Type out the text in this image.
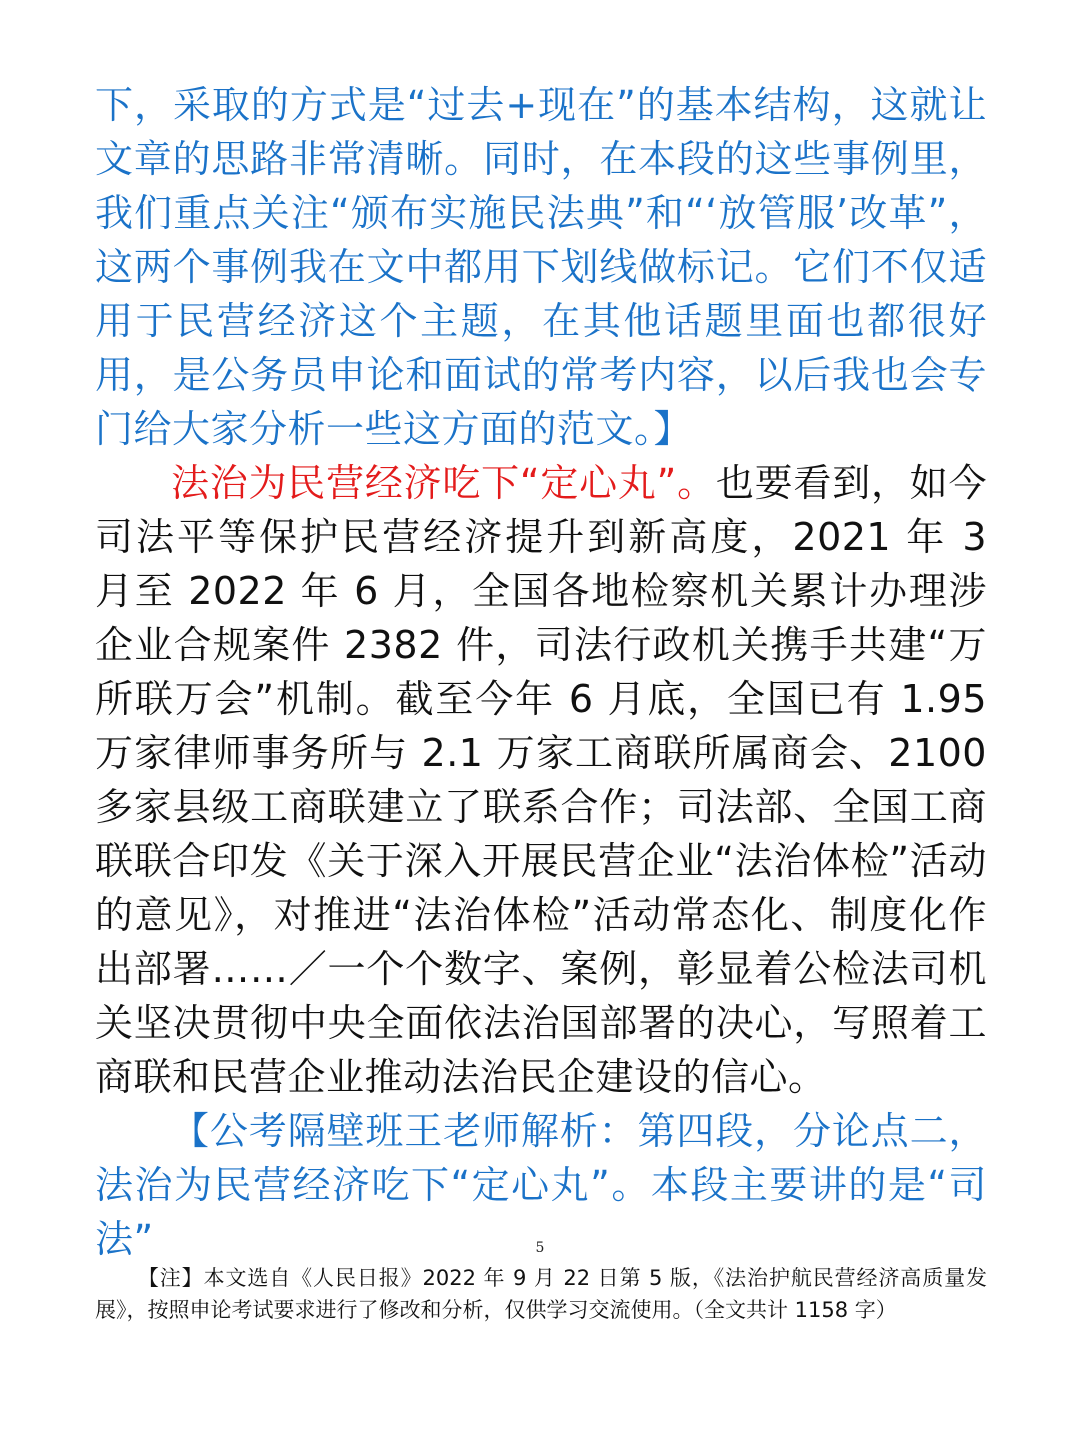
下，采取的方式是“过去+现在”的基本结构，这就让文章的思路非常清晰。同时，在本段的这些事例里，我们重点关注“颁布实施民法典”和“‘放管服’改革”，这两个事例我在文中都用下划线做标记。它们不仅适用于民营经济这个主题，在其他话题里面也都很好用，是公务员申论和面试的常考内容，以后我也会专门给大家分析一些这方面的范文。】

法治为民营经济吃下“定心丸”。也要看到，如今司法平等保护民营经济提升到新高度，2021 年 3 月至 2022 年 6 月，全国各地检察机关累计办理涉企业合规案件 2382 件，司法行政机关携手共建“万所联万会”机制。截至今年 6 月底，全国已有 1.95 万家律师事务所与 2.1 万家工商联所属商会、2100 多家县级工商联建立了联系合作；司法部、全国工商联联合印发《关于深入开展民营企业“法治体检”活动的意见》，对推进“法治体检”活动常态化、制度化作出部署……／一个个数字、案例，彰显着公检法司机关坚决贯彻中央全面依法治国部署的决心，写照着工商联和民营企业推动法治民企建设的信心。

【公考隔壁班王老师解析：第四段，分论点二，法治为民营经济吃下“定心丸”。本段主要讲的是“司法”	5
【注】本文选自《人民日报》2022 年 9 月 22 日第 5 版，《法治护航民营经济高质量发展》，按照申论考试要求进行了修改和分析，仅供学习交流使用。（全文共计 1158 字）
